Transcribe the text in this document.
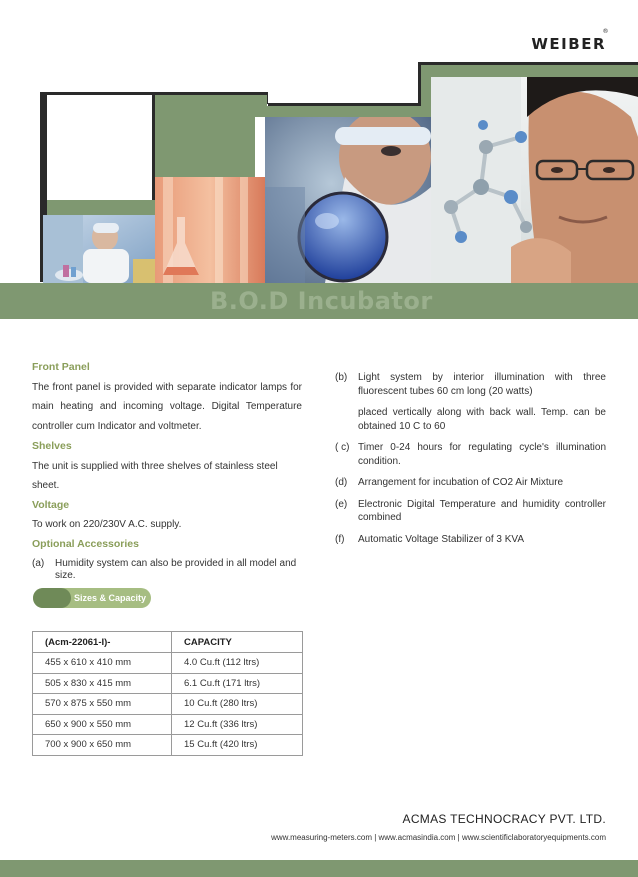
WEIBER
®
B.O.D Incubator
Front Panel
The front panel is provided with separate indicator lamps for main heating and incoming voltage. Digital Temperature controller cum Indicator and voltmeter.
Shelves
The unit is supplied with three shelves of stainless steel sheet.
Voltage
To work on 220/230V A.C. supply.
Optional Accessories
(a)	Humidity system can also be provided in all model and size.
(b)	Light system by interior illumination with three fluorescent tubes 60 cm long (20 watts)
placed vertically along with back wall. Temp. can be obtained 10 C to 60
( c) Timer 0-24 hours for regulating cycle's illumination condition.
(d)	Arrangement for incubation of CO2 Air Mixture
(e)	Electronic Digital Temperature and humidity controller combined
(f)	Automatic Voltage Stabilizer of 3 KVA
Sizes & Capacity
(Acm-22061-I)-	CAPACITY
455 x 610 x 410 mm	4.0 Cu.ft (112 ltrs)
505 x 830 x 415 mm	6.1 Cu.ft (171 ltrs)
570 x 875 x 550 mm	10 Cu.ft (280 ltrs)
650 x 900 x 550 mm	12 Cu.ft (336 ltrs)
700 x 900 x 650 mm	15 Cu.ft (420 ltrs)
ACMAS TECHNOCRACY PVT. LTD.
www.measuring-meters.com | www.acmasindia.com | www.scientificlaboratoryequipments.com
